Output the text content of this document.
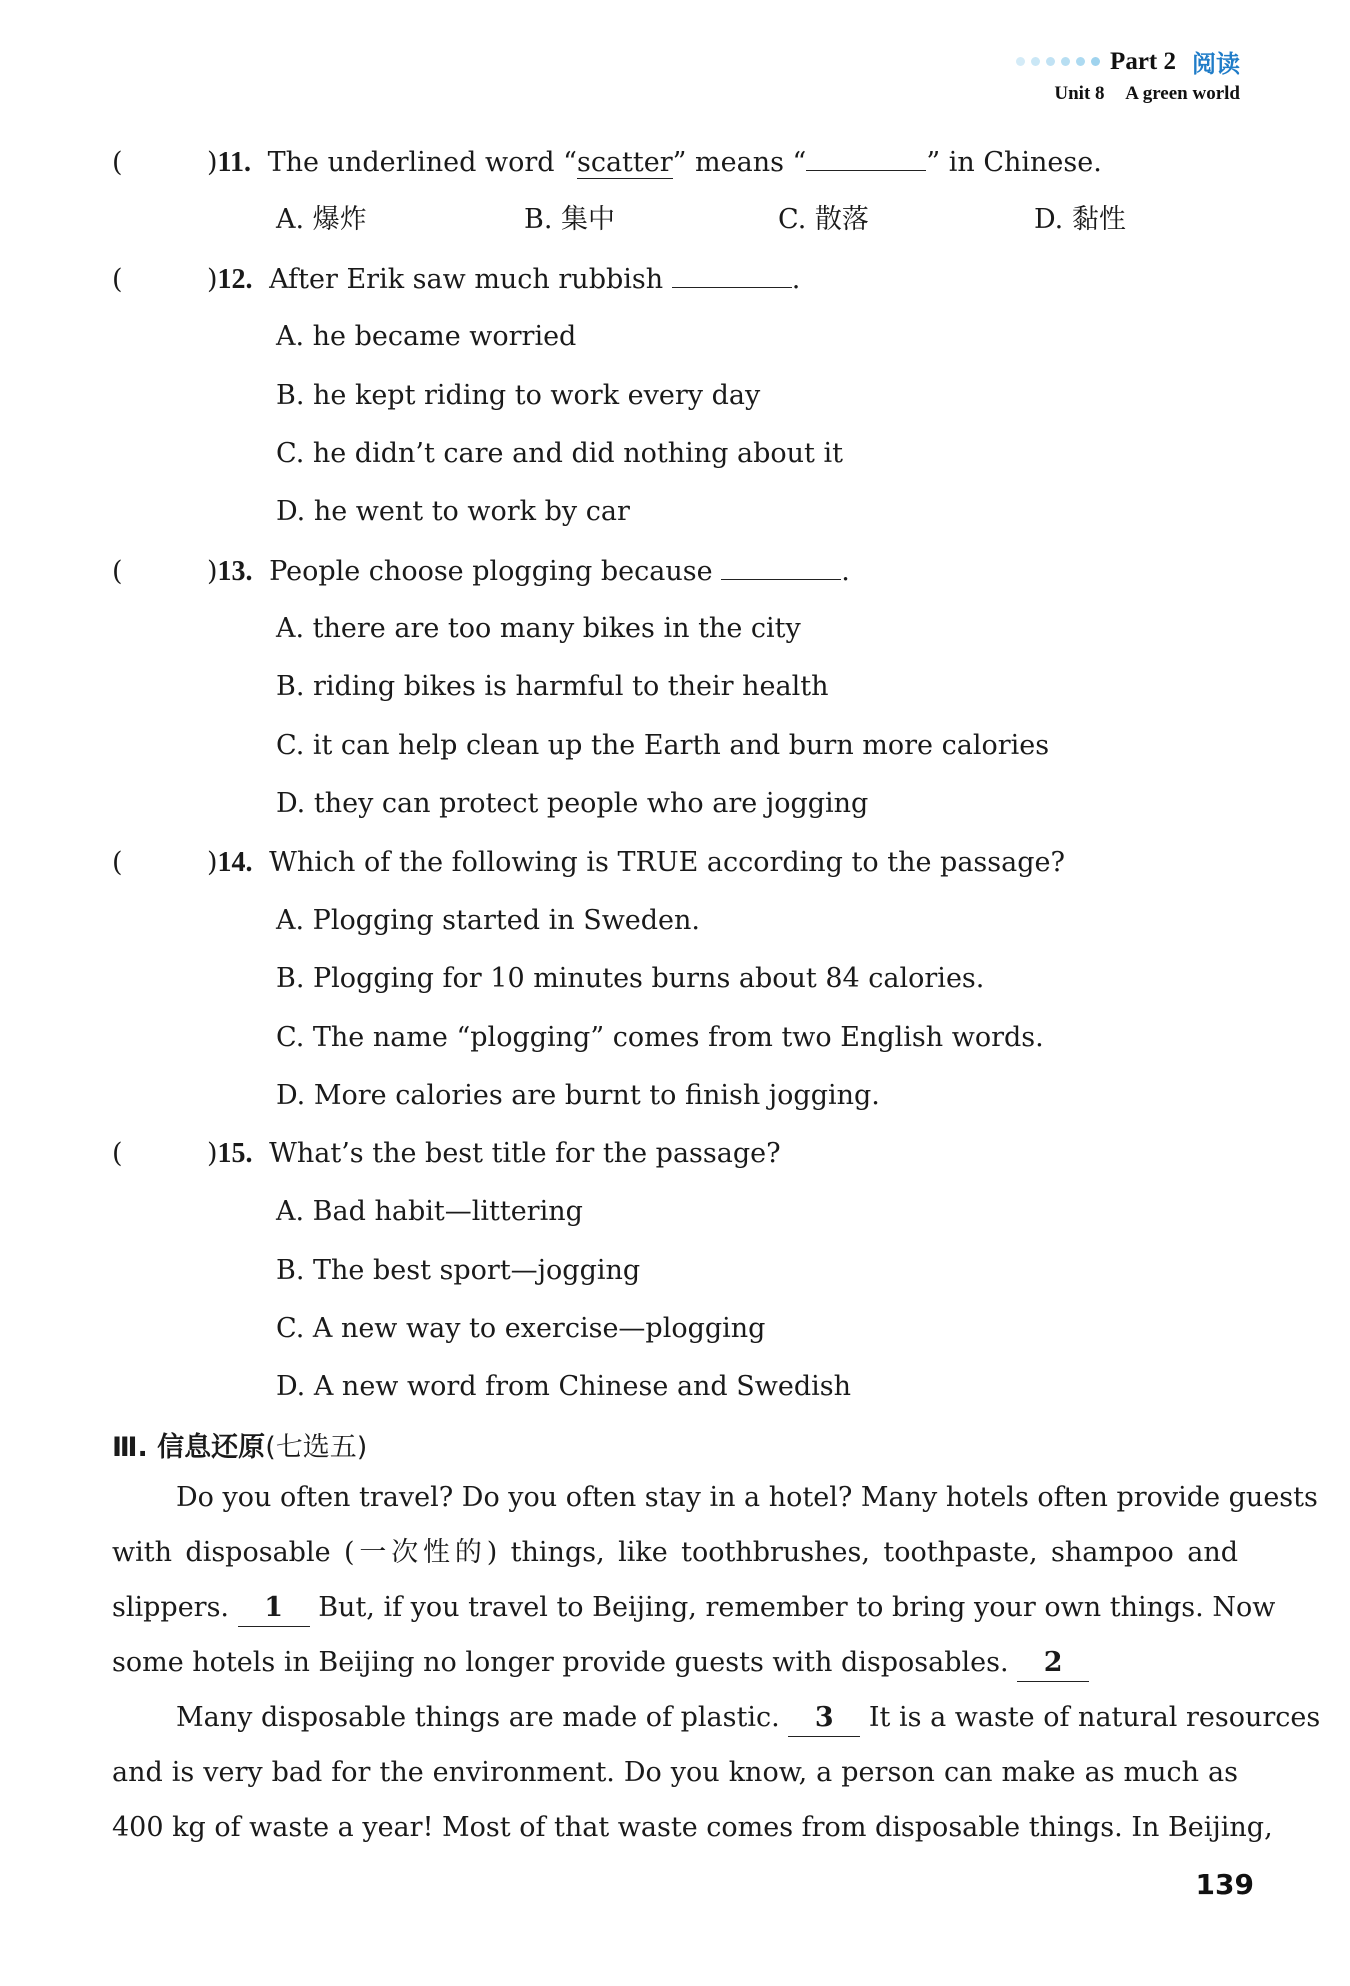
Part 2 阅读
Unit 8 A green world
(	)11. The underlined word “scatter” means “	” in Chinese.
A. 爆炸	B. 集中	C. 散落	D. 黏性
(	)12. After Erik saw much rubbish	.
A. he became worried
B. he kept riding to work every day
C. he didn’t care and did nothing about it
D. he went to work by car
(	)13. People choose plogging because	.
A. there are too many bikes in the city
B. riding bikes is harmful to their health
C. it can help clean up the Earth and burn more calories
D. they can protect people who are jogging
(	)14. Which of the following is TRUE according to the passage?
A. Plogging started in Sweden.
B. Plogging for 10 minutes burns about 84 calories.
C. The name “plogging” comes from two English words.
D. More calories are burnt to finish jogging.
(	)15. What’s the best title for the passage?
A. Bad habit—littering
B. The best sport—jogging
C. A new way to exercise—plogging
D. A new word from Chinese and Swedish
Ⅲ. 信息还原(七选五)
Do you often travel? Do you often stay in a hotel? Many hotels often provide guests
with disposable (一次性的) things, like toothbrushes, toothpaste, shampoo and
slippers. 1 But, if you travel to Beijing, remember to bring your own things. Now
some hotels in Beijing no longer provide guests with disposables. 2
Many disposable things are made of plastic. 3 It is a waste of natural resources
and is very bad for the environment. Do you know, a person can make as much as
400 kg of waste a year! Most of that waste comes from disposable things. In Beijing,
139
